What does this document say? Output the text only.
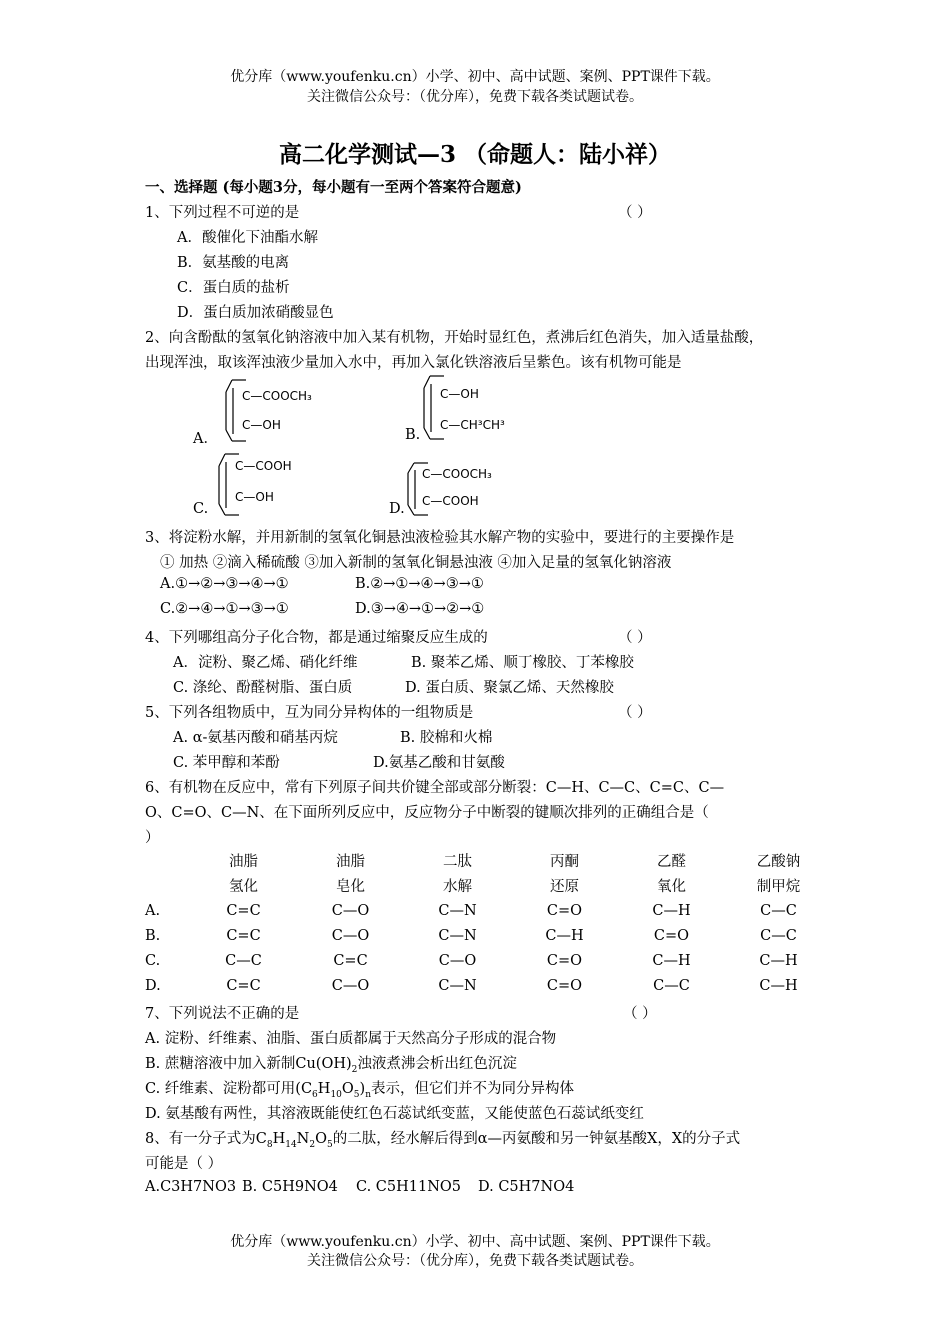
优分库（www.youfenku.cn）小学、初中、高中试题、案例、PPT课件下载。
关注微信公众号：（优分库），免费下载各类试题试卷。
高二化学测试—3 （命题人：陆小祥）
一、选择题 (每小题3分，每小题有一至两个答案符合题意)
1、下列过程不可逆的是	（ ）
A．酸催化下油酯水解
B．氨基酸的电离
C．蛋白质的盐析
D．蛋白质加浓硝酸显色
2、向含酚酞的氢氧化钠溶液中加入某有机物，开始时显红色，煮沸后红色消失，加入适量盐酸，
出现浑浊，取该浑浊液少量加入水中，再加入氯化铁溶液后呈紫色。该有机物可能是
A．
C—COOCH₃
C—OH
B.
C—OH
C—CH³CH³
C.
C—COOH
C—OH
D.
C—COOCH₃
C—COOH
3、将淀粉水解，并用新制的氢氧化铜悬浊液检验其水解产物的实验中，要进行的主要操作是
① 加热 ②滴入稀硫酸 ③加入新制的氢氧化铜悬浊液 ④加入足量的氢氧化钠溶液
A.①→②→③→④→①	B.②→①→④→③→①
C.②→④→①→③→①	D.③→④→①→②→①
4、下列哪组高分子化合物，都是通过缩聚反应生成的	（ ）
A．淀粉、聚乙烯、硝化纤维	B. 聚苯乙烯、顺丁橡胶、丁苯橡胶
C. 涤纶、酚醛树脂、蛋白质	D. 蛋白质、聚氯乙烯、天然橡胶
5、下列各组物质中，互为同分异构体的一组物质是	（ ）
A. α-氨基丙酸和硝基丙烷	B. 胶棉和火棉
C. 苯甲醇和苯酚	D.氨基乙酸和甘氨酸
6、有机物在反应中，常有下列原子间共价键全部或部分断裂：C—H、C—C、C=C、C—
O、C=O、C—N、在下面所列反应中，反应物分子中断裂的键顺次排列的正确组合是（
）
	油脂	油脂	二肽	丙酮	乙醛	乙酸钠
	氢化	皂化	水解	还原	氧化	制甲烷
A.	C=C	C—O	C—N	C=O	C—H	C—C
B.	C=C	C—O	C—N	C—H	C=O	C—C
C.	C—C	C=C	C—O	C=O	C—H	C—H
D.	C=C	C—O	C—N	C=O	C—C	C—H
7、下列说法不正确的是	（ ）
A. 淀粉、纤维素、油脂、蛋白质都属于天然高分子形成的混合物
B. 蔗糖溶液中加入新制$Cu(OH)_2$浊液煮沸会析出红色沉淀
C. 纤维素、淀粉都可用$(C_6H_{10}O_5)_n$表示，但它们并不为同分异构体
D. 氨基酸有两性，其溶液既能使红色石蕊试纸变蓝，又能使蓝色石蕊试纸变红
8、有一分子式为$C_8H_{14}N_2O_5$的二肽，经水解后得到α—丙氨酸和另一钟氨基酸X，X的分子式
可能是（ ）
A.C3H7NO3 B. C5H9NO4 C. C5H11NO5 D. C5H7NO4
优分库（www.youfenku.cn）小学、初中、高中试题、案例、PPT课件下载。
关注微信公众号：（优分库），免费下载各类试题试卷。
